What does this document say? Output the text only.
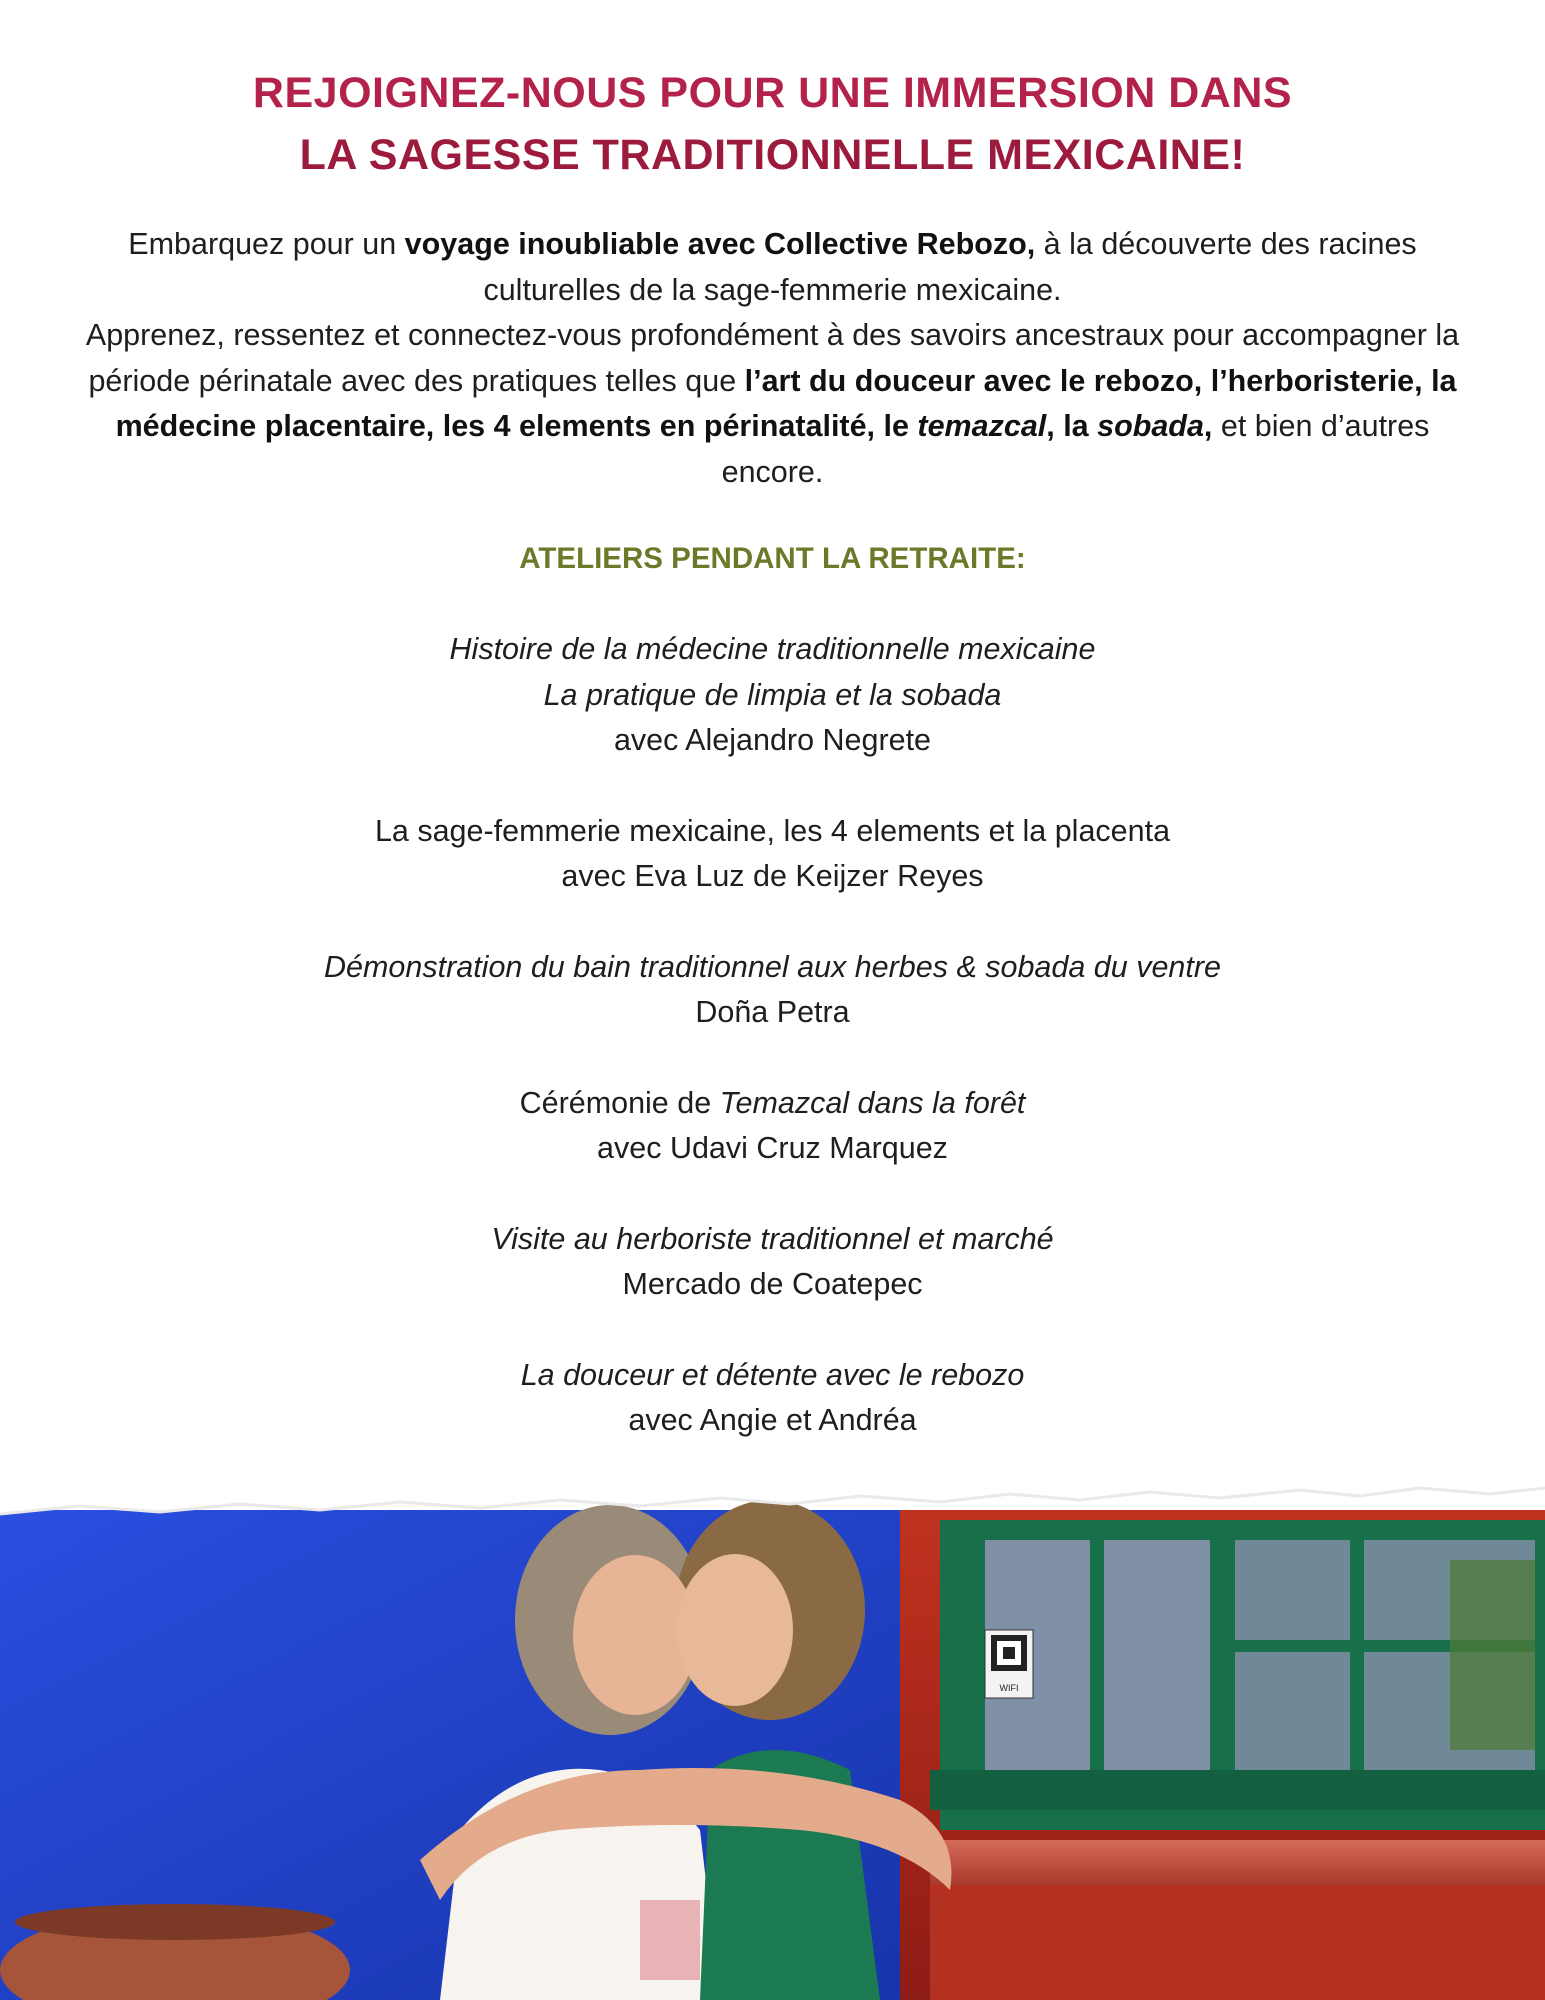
REJOIGNEZ-NOUS POUR UNE IMMERSION DANS
LA SAGESSE TRADITIONNELLE MEXICAINE!
Embarquez pour un voyage inoubliable avec Collective Rebozo, à la découverte des racines culturelles de la sage-femmerie mexicaine.
Apprenez, ressentez et connectez-vous profondément à des savoirs ancestraux pour accompagner la période périnatale avec des pratiques telles que l’art du douceur avec le rebozo, l’herboristerie, la médecine placentaire, les 4 elements en périnatalité, le temazcal, la sobada, et bien d’autres encore.
ATELIERS PENDANT LA RETRAITE:
Histoire de la médecine traditionnelle mexicaine
La pratique de limpia et la sobada
avec Alejandro Negrete
La sage-femmerie mexicaine, les 4 elements et la placenta
avec Eva Luz de Keijzer Reyes
Démonstration du bain traditionnel aux herbes & sobada du ventre
Doña Petra
Cérémonie de Temazcal dans la forêt
avec Udavi Cruz Marquez
Visite au herboriste traditionnel et marché
Mercado de Coatepec
La douceur et détente avec le rebozo
avec Angie et Andréa
WIFI
